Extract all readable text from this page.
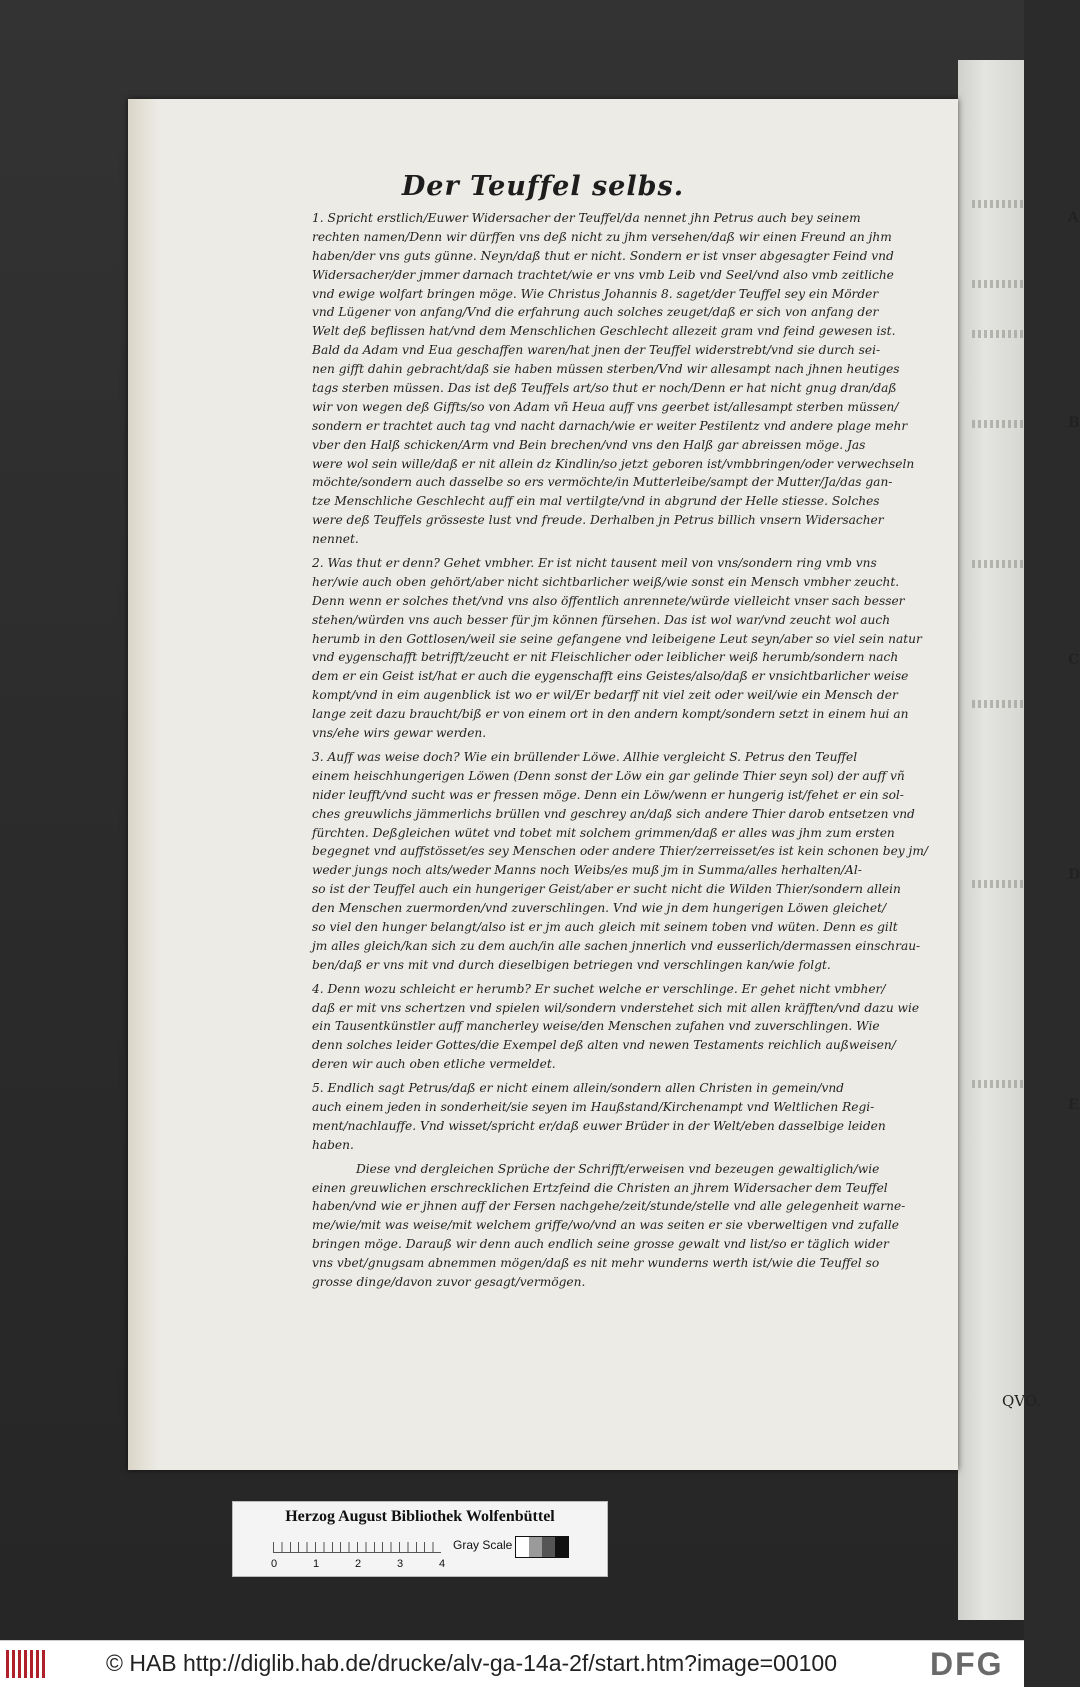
Der Teuffel selbs.
1. Spricht erstlich/Euwer Widersacher der Teuffel/da nennet jhn Petrus auch bey seinem
rechten namen/Denn wir dürffen vns deß nicht zu jhm versehen/daß wir einen Freund an jhm
haben/der vns guts günne. Neyn/daß thut er nicht. Sondern er ist vnser abgesagter Feind vnd
Widersacher/der jmmer darnach trachtet/wie er vns vmb Leib vnd Seel/vnd also vmb zeitliche
vnd ewige wolfart bringen möge. Wie Christus Johannis 8. saget/der Teuffel sey ein Mörder
vnd Lügener von anfang/Vnd die erfahrung auch solches zeuget/daß er sich von anfang der
Welt deß beflissen hat/vnd dem Menschlichen Geschlecht allezeit gram vnd feind gewesen ist.
Bald da Adam vnd Eua geschaffen waren/hat jnen der Teuffel widerstrebt/vnd sie durch sei-
nen gifft dahin gebracht/daß sie haben müssen sterben/Vnd wir allesampt nach jhnen heutiges
tags sterben müssen. Das ist deß Teuffels art/so thut er noch/Denn er hat nicht gnug dran/daß
wir von wegen deß Giffts/so von Adam vñ Heua auff vns geerbet ist/allesampt sterben müssen/
sondern er trachtet auch tag vnd nacht darnach/wie er weiter Pestilentz vnd andere plage mehr
vber den Halß schicken/Arm vnd Bein brechen/vnd vns den Halß gar abreissen möge. Jas
were wol sein wille/daß er nit allein dz Kindlin/so jetzt geboren ist/vmbbringen/oder verwechseln
möchte/sondern auch dasselbe so ers vermöchte/in Mutterleibe/sampt der Mutter/Ja/das gan-
tze Menschliche Geschlecht auff ein mal vertilgte/vnd in abgrund der Helle stiesse. Solches
were deß Teuffels grösseste lust vnd freude. Derhalben jn Petrus billich vnsern Widersacher
nennet.
2. Was thut er denn? Gehet vmbher. Er ist nicht tausent meil von vns/sondern ring vmb vns
her/wie auch oben gehört/aber nicht sichtbarlicher weiß/wie sonst ein Mensch vmbher zeucht.
Denn wenn er solches thet/vnd vns also öffentlich anrennete/würde vielleicht vnser sach besser
stehen/würden vns auch besser für jm können fürsehen. Das ist wol war/vnd zeucht wol auch
herumb in den Gottlosen/weil sie seine gefangene vnd leibeigene Leut seyn/aber so viel sein natur
vnd eygenschafft betrifft/zeucht er nit Fleischlicher oder leiblicher weiß herumb/sondern nach
dem er ein Geist ist/hat er auch die eygenschafft eins Geistes/also/daß er vnsichtbarlicher weise
kompt/vnd in eim augenblick ist wo er wil/Er bedarff nit viel zeit oder weil/wie ein Mensch der
lange zeit dazu braucht/biß er von einem ort in den andern kompt/sondern setzt in einem hui an
vns/ehe wirs gewar werden.
3. Auff was weise doch? Wie ein brüllender Löwe. Allhie vergleicht S. Petrus den Teuffel
einem heischhungerigen Löwen (Denn sonst der Löw ein gar gelinde Thier seyn sol) der auff vñ
nider leufft/vnd sucht was er fressen möge. Denn ein Löw/wenn er hungerig ist/fehet er ein sol-
ches greuwlichs jämmerlichs brüllen vnd geschrey an/daß sich andere Thier darob entsetzen vnd
fürchten. Deßgleichen wütet vnd tobet mit solchem grimmen/daß er alles was jhm zum ersten
begegnet vnd auffstösset/es sey Menschen oder andere Thier/zerreisset/es ist kein schonen bey jm/
weder jungs noch alts/weder Manns noch Weibs/es muß jm in Summa/alles herhalten/Al-
so ist der Teuffel auch ein hungeriger Geist/aber er sucht nicht die Wilden Thier/sondern allein
den Menschen zuermorden/vnd zuverschlingen. Vnd wie jn dem hungerigen Löwen gleichet/
so viel den hunger belangt/also ist er jm auch gleich mit seinem toben vnd wüten. Denn es gilt
jm alles gleich/kan sich zu dem auch/in alle sachen jnnerlich vnd eusserlich/dermassen einschrau-
ben/daß er vns mit vnd durch dieselbigen betriegen vnd verschlingen kan/wie folgt.
4. Denn wozu schleicht er herumb? Er suchet welche er verschlinge. Er gehet nicht vmbher/
daß er mit vns schertzen vnd spielen wil/sondern vnderstehet sich mit allen kräfften/vnd dazu wie
ein Tausentkünstler auff mancherley weise/den Menschen zufahen vnd zuverschlingen. Wie
denn solches leider Gottes/die Exempel deß alten vnd newen Testaments reichlich außweisen/
deren wir auch oben etliche vermeldet.
5. Endlich sagt Petrus/daß er nicht einem allein/sondern allen Christen in gemein/vnd
auch einem jeden in sonderheit/sie seyen im Haußstand/Kirchenampt vnd Weltlichen Regi-
ment/nachlauffe. Vnd wisset/spricht er/daß euwer Brüder in der Welt/eben dasselbige leiden
haben.
Diese vnd dergleichen Sprüche der Schrifft/erweisen vnd bezeugen gewaltiglich/wie
einen greuwlichen erschrecklichen Ertzfeind die Christen an jhrem Widersacher dem Teuffel
haben/vnd wie er jhnen auff der Fersen nachgehe/zeit/stunde/stelle vnd alle gelegenheit warne-
me/wie/mit was weise/mit welchem griffe/wo/vnd an was seiten er sie vberweltigen vnd zufalle
bringen möge. Darauß wir denn auch endlich seine grosse gewalt vnd list/so er täglich wider
vns vbet/gnugsam abnemmen mögen/daß es nit mehr wunderns werth ist/wie die Teuffel so
grosse dinge/davon zuvor gesagt/vermögen.
A
B
C
D
E
QVO.
Herzog August Bibliothek Wolfenbüttel
0	1	2	3	4
Gray Scale
© HAB http://diglib.hab.de/drucke/alv-ga-14a-2f/start.htm?image=00100	DFG
